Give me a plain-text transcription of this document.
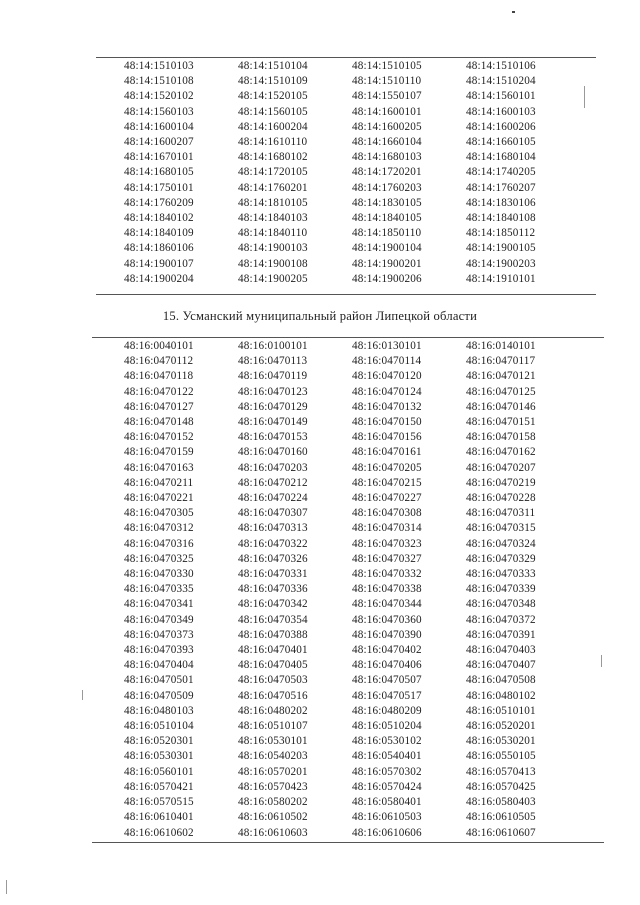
48:14:1510103	48:14:1510104	48:14:1510105	48:14:1510106
48:14:1510108	48:14:1510109	48:14:1510110	48:14:1510204
48:14:1520102	48:14:1520105	48:14:1550107	48:14:1560101
48:14:1560103	48:14:1560105	48:14:1600101	48:14:1600103
48:14:1600104	48:14:1600204	48:14:1600205	48:14:1600206
48:14:1600207	48:14:1610110	48:14:1660104	48:14:1660105
48:14:1670101	48:14:1680102	48:14:1680103	48:14:1680104
48:14:1680105	48:14:1720105	48:14:1720201	48:14:1740205
48:14:1750101	48:14:1760201	48:14:1760203	48:14:1760207
48:14:1760209	48:14:1810105	48:14:1830105	48:14:1830106
48:14:1840102	48:14:1840103	48:14:1840105	48:14:1840108
48:14:1840109	48:14:1840110	48:14:1850110	48:14:1850112
48:14:1860106	48:14:1900103	48:14:1900104	48:14:1900105
48:14:1900107	48:14:1900108	48:14:1900201	48:14:1900203
48:14:1900204	48:14:1900205	48:14:1900206	48:14:1910101
15. Усманский муниципальный район Липецкой области
48:16:0040101	48:16:0100101	48:16:0130101	48:16:0140101
48:16:0470112	48:16:0470113	48:16:0470114	48:16:0470117
48:16:0470118	48:16:0470119	48:16:0470120	48:16:0470121
48:16:0470122	48:16:0470123	48:16:0470124	48:16:0470125
48:16:0470127	48:16:0470129	48:16:0470132	48:16:0470146
48:16:0470148	48:16:0470149	48:16:0470150	48:16:0470151
48:16:0470152	48:16:0470153	48:16:0470156	48:16:0470158
48:16:0470159	48:16:0470160	48:16:0470161	48:16:0470162
48:16:0470163	48:16:0470203	48:16:0470205	48:16:0470207
48:16:0470211	48:16:0470212	48:16:0470215	48:16:0470219
48:16:0470221	48:16:0470224	48:16:0470227	48:16:0470228
48:16:0470305	48:16:0470307	48:16:0470308	48:16:0470311
48:16:0470312	48:16:0470313	48:16:0470314	48:16:0470315
48:16:0470316	48:16:0470322	48:16:0470323	48:16:0470324
48:16:0470325	48:16:0470326	48:16:0470327	48:16:0470329
48:16:0470330	48:16:0470331	48:16:0470332	48:16:0470333
48:16:0470335	48:16:0470336	48:16:0470338	48:16:0470339
48:16:0470341	48:16:0470342	48:16:0470344	48:16:0470348
48:16:0470349	48:16:0470354	48:16:0470360	48:16:0470372
48:16:0470373	48:16:0470388	48:16:0470390	48:16:0470391
48:16:0470393	48:16:0470401	48:16:0470402	48:16:0470403
48:16:0470404	48:16:0470405	48:16:0470406	48:16:0470407
48:16:0470501	48:16:0470503	48:16:0470507	48:16:0470508
48:16:0470509	48:16:0470516	48:16:0470517	48:16:0480102
48:16:0480103	48:16:0480202	48:16:0480209	48:16:0510101
48:16:0510104	48:16:0510107	48:16:0510204	48:16:0520201
48:16:0520301	48:16:0530101	48:16:0530102	48:16:0530201
48:16:0530301	48:16:0540203	48:16:0540401	48:16:0550105
48:16:0560101	48:16:0570201	48:16:0570302	48:16:0570413
48:16:0570421	48:16:0570423	48:16:0570424	48:16:0570425
48:16:0570515	48:16:0580202	48:16:0580401	48:16:0580403
48:16:0610401	48:16:0610502	48:16:0610503	48:16:0610505
48:16:0610602	48:16:0610603	48:16:0610606	48:16:0610607
